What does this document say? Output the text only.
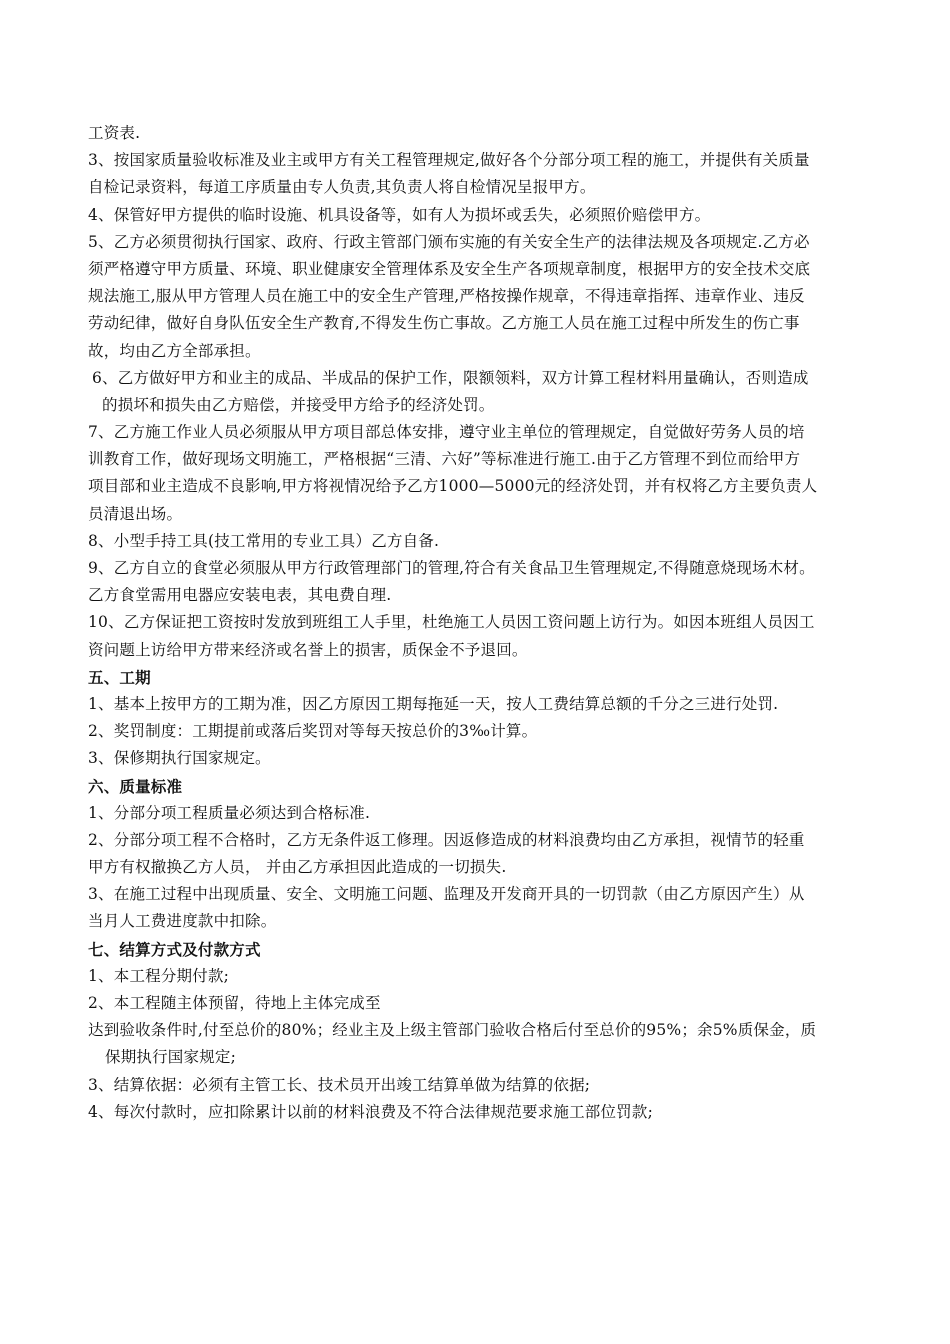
工资表.
3、按国家质量验收标准及业主或甲方有关工程管理规定,做好各个分部分项工程的施工，并提供有关质量
自检记录资料，每道工序质量由专人负责,其负责人将自检情况呈报甲方。
4、保管好甲方提供的临时设施、机具设备等，如有人为损坏或丢失，必须照价赔偿甲方。
5、乙方必须贯彻执行国家、政府、行政主管部门颁布实施的有关安全生产的法律法规及各项规定.乙方必
须严格遵守甲方质量、环境、职业健康安全管理体系及安全生产各项规章制度，根据甲方的安全技术交底
规法施工,服从甲方管理人员在施工中的安全生产管理,严格按操作规章，不得违章指挥、违章作业、违反
劳动纪律，做好自身队伍安全生产教育,不得发生伤亡事故。乙方施工人员在施工过程中所发生的伤亡事
故，均由乙方全部承担。
6、乙方做好甲方和业主的成品、半成品的保护工作，限额领料，双方计算工程材料用量确认，否则造成
的损坏和损失由乙方赔偿，并接受甲方给予的经济处罚。
7、乙方施工作业人员必须服从甲方项目部总体安排，遵守业主单位的管理规定，自觉做好劳务人员的培
训教育工作，做好现场文明施工，严格根据“三清、六好”等标准进行施工.由于乙方管理不到位而给甲方
项目部和业主造成不良影响,甲方将视情况给予乙方1000—5000元的经济处罚，并有权将乙方主要负责人
员清退出场。
8、小型手持工具(技工常用的专业工具）乙方自备.
9、乙方自立的食堂必须服从甲方行政管理部门的管理,符合有关食品卫生管理规定,不得随意烧现场木材。
乙方食堂需用电器应安装电表，其电费自理.
10、乙方保证把工资按时发放到班组工人手里，杜绝施工人员因工资问题上访行为。如因本班组人员因工
资问题上访给甲方带来经济或名誉上的损害，质保金不予退回。
五、工期
1、基本上按甲方的工期为准，因乙方原因工期每拖延一天，按人工费结算总额的千分之三进行处罚.
2、奖罚制度：工期提前或落后奖罚对等每天按总价的3‰计算。
3、保修期执行国家规定。
六、质量标准
1、分部分项工程质量必须达到合格标准.
2、分部分项工程不合格时，乙方无条件返工修理。因返修造成的材料浪费均由乙方承担，视情节的轻重
甲方有权撤换乙方人员， 并由乙方承担因此造成的一切损失.
3、在施工过程中出现质量、安全、文明施工问题、监理及开发商开具的一切罚款（由乙方原因产生）从
当月人工费进度款中扣除。
七、结算方式及付款方式
1、本工程分期付款;
2、本工程随主体预留，待地上主体完成至
达到验收条件时,付至总价的80%；经业主及上级主管部门验收合格后付至总价的95%；余5%质保金，质
保期执行国家规定;
3、结算依据：必须有主管工长、技术员开出竣工结算单做为结算的依据;
4、每次付款时，应扣除累计以前的材料浪费及不符合法律规范要求施工部位罚款;
